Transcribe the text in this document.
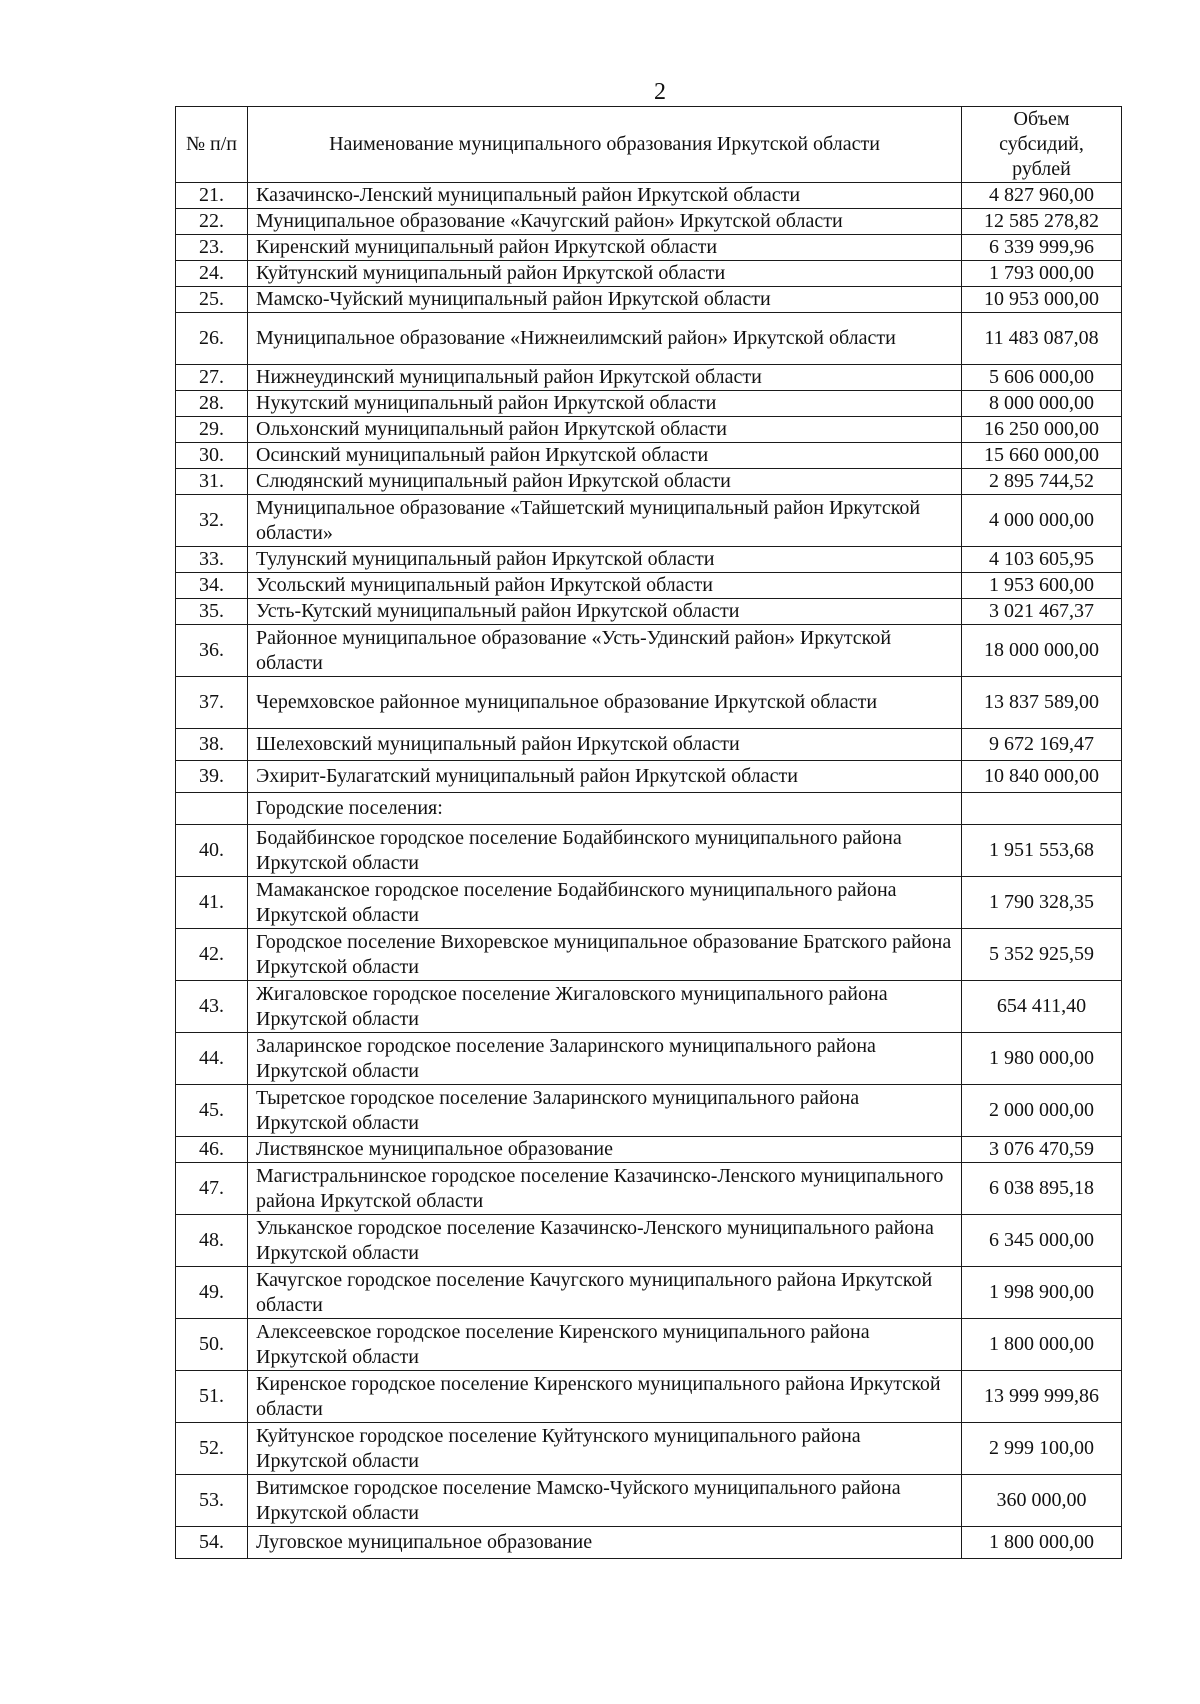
2
№ п/п	Наименование муниципального образования Иркутской области	Объем субсидий, рублей
21.	Казачинско-Ленский муниципальный район Иркутской области	4 827 960,00
22.	Муниципальное образование «Качугский район» Иркутской области	12 585 278,82
23.	Киренский муниципальный район Иркутской области	6 339 999,96
24.	Куйтунский муниципальный район Иркутской области	1 793 000,00
25.	Мамско-Чуйский муниципальный район Иркутской области	10 953 000,00
26.	Муниципальное образование «Нижнеилимский район» Иркутской области	11 483 087,08
27.	Нижнеудинский муниципальный район Иркутской области	5 606 000,00
28.	Нукутский муниципальный район Иркутской области	8 000 000,00
29.	Ольхонский муниципальный район Иркутской области	16 250 000,00
30.	Осинский муниципальный район Иркутской области	15 660 000,00
31.	Слюдянский муниципальный район Иркутской области	2 895 744,52
32.	Муниципальное образование «Тайшетский муниципальный район Иркутской области»	4 000 000,00
33.	Тулунский муниципальный район Иркутской области	4 103 605,95
34.	Усольский муниципальный район Иркутской области	1 953 600,00
35.	Усть-Кутский муниципальный район Иркутской области	3 021 467,37
36.	Районное муниципальное образование «Усть-Удинский район» Иркутской области	18 000 000,00
37.	Черемховское районное муниципальное образование Иркутской области	13 837 589,00
38.	Шелеховский муниципальный район Иркутской области	9 672 169,47
39.	Эхирит-Булагатский муниципальный район Иркутской области	10 840 000,00
	Городские поселения:	
40.	Бодайбинское городское поселение Бодайбинского муниципального района Иркутской области	1 951 553,68
41.	Мамаканское городское поселение Бодайбинского муниципального района Иркутской области	1 790 328,35
42.	Городское поселение Вихоревское муниципальное образование Братского района Иркутской области	5 352 925,59
43.	Жигаловское городское поселение Жигаловского муниципального района Иркутской области	654 411,40
44.	Заларинское городское поселение Заларинского муниципального района Иркутской области	1 980 000,00
45.	Тыретское городское поселение Заларинского муниципального района Иркутской области	2 000 000,00
46.	Листвянское муниципальное образование	3 076 470,59
47.	Магистральнинское городское поселение Казачинско-Ленского муниципального района Иркутской области	6 038 895,18
48.	Ульканское городское поселение Казачинско-Ленского муниципального района Иркутской области	6 345 000,00
49.	Качугское городское поселение Качугского муниципального района Иркутской области	1 998 900,00
50.	Алексеевское городское поселение Киренского муниципального района Иркутской области	1 800 000,00
51.	Киренское городское поселение Киренского муниципального района Иркутской области	13 999 999,86
52.	Куйтунское городское поселение Куйтунского муниципального района Иркутской области	2 999 100,00
53.	Витимское городское поселение Мамско-Чуйского муниципального района Иркутской области	360 000,00
54.	Луговское муниципальное образование	1 800 000,00
